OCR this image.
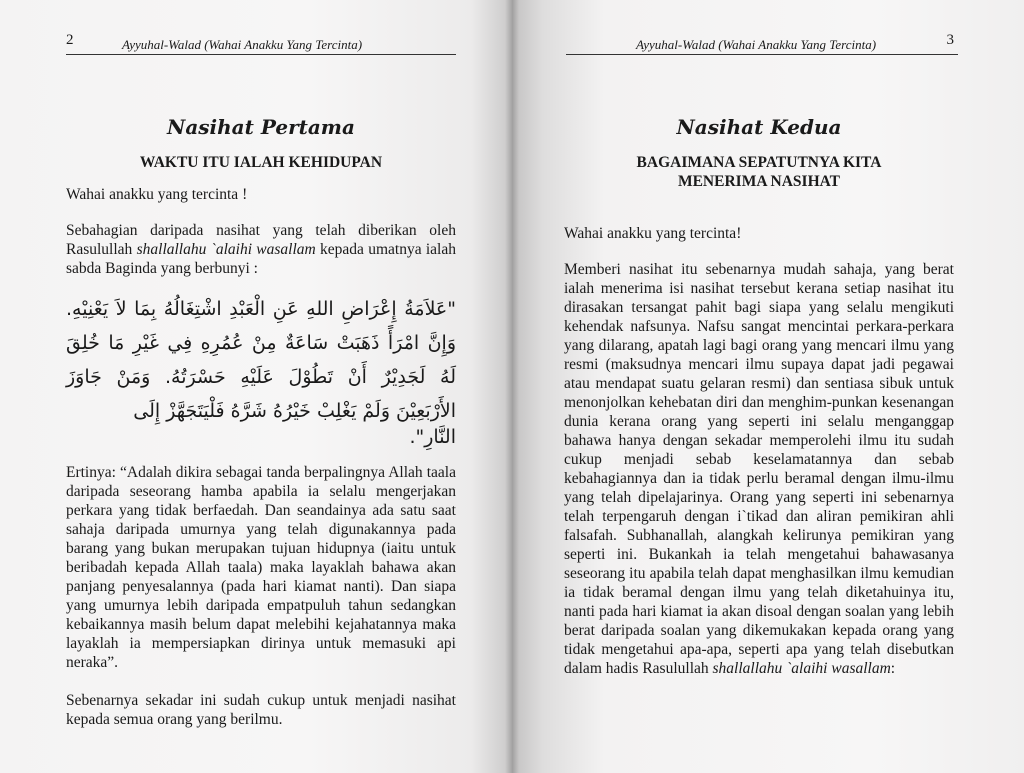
2	Ayyuhal-Walad (Wahai Anakku Yang Tercinta)
Nasihat Pertama
WAKTU ITU IALAH KEHIDUPAN

Wahai anakku yang tercinta !

Sebahagian daripada nasihat yang telah diberikan oleh Rasulullah shallallahu `alaihi wasallam kepada umatnya ialah sabda Baginda yang berbunyi :

"عَلاَمَةُ إِعْرَاضِ اللهِ عَنِ الْعَبْدِ اشْتِغَالُهُ بِمَا لاَ يَعْنِيْهِ. وَإِنَّ امْرَأً ذَهَبَتْ سَاعَةٌ مِنْ عُمُرِهِ فِي غَيْرِ مَا خُلِقَ لَهُ لَجَدِيْرٌ أَنْ تَطُوْلَ عَلَيْهِ حَسْرَتُهُ. وَمَنْ جَاوَزَ الأَرْبَعِيْنَ وَلَمْ يَغْلِبْ خَيْرُهُ شَرَّهُ فَلْيَتَجَهَّزْ إِلَى
النَّارِ".

Ertinya: “Adalah dikira sebagai tanda berpalingnya Allah taala daripada seseorang hamba apabila ia selalu mengerjakan perkara yang tidak berfaedah. Dan seandainya ada satu saat sahaja daripada umurnya yang telah digunakannya pada barang yang bukan merupakan tujuan hidupnya (iaitu untuk beribadah kepada Allah taala) maka layaklah bahawa akan panjang penyesalannya (pada hari kiamat nanti). Dan siapa yang umurnya lebih daripada empatpuluh tahun sedangkan kebaikannya masih belum dapat melebihi kejahatannya maka layaklah ia mempersiapkan dirinya untuk memasuki api neraka”.

Sebenarnya sekadar ini sudah cukup untuk menjadi nasihat kepada semua orang yang berilmu.

Ayyuhal-Walad (Wahai Anakku Yang Tercinta)	3
Nasihat Kedua
BAGAIMANA SEPATUTNYA KITA MENERIMA NASIHAT

Wahai anakku yang tercinta!

Memberi nasihat itu sebenarnya mudah sahaja, yang berat ialah menerima isi nasihat tersebut kerana setiap nasihat itu dirasakan tersangat pahit bagi siapa yang selalu mengikuti kehendak nafsunya. Nafsu sangat mencintai perkara-perkara yang dilarang, apatah lagi bagi orang yang mencari ilmu yang resmi (maksudnya mencari ilmu supaya dapat jadi pegawai atau mendapat suatu gelaran resmi) dan sentiasa sibuk untuk menonjolkan kehebatan diri dan menghim-punkan kesenangan dunia kerana orang yang seperti ini selalu menganggap bahawa hanya dengan sekadar memperolehi ilmu itu sudah cukup menjadi sebab keselamatannya dan sebab kebahagiannya dan ia tidak perlu beramal dengan ilmu-ilmu yang telah dipelajarinya. Orang yang seperti ini sebenarnya telah terpengaruh dengan i`tikad dan aliran pemikiran ahli falsafah. Subhanallah, alangkah kelirunya pemikiran yang seperti ini. Bukankah ia telah mengetahui bahawasanya seseorang itu apabila telah dapat menghasilkan ilmu kemudian ia tidak beramal dengan ilmu yang telah diketahuinya itu, nanti pada hari kiamat ia akan disoal dengan soalan yang lebih berat daripada soalan yang dikemukakan kepada orang yang tidak mengetahui apa-apa, seperti apa yang telah disebutkan dalam hadis Rasulullah shallallahu `alaihi wasallam:
